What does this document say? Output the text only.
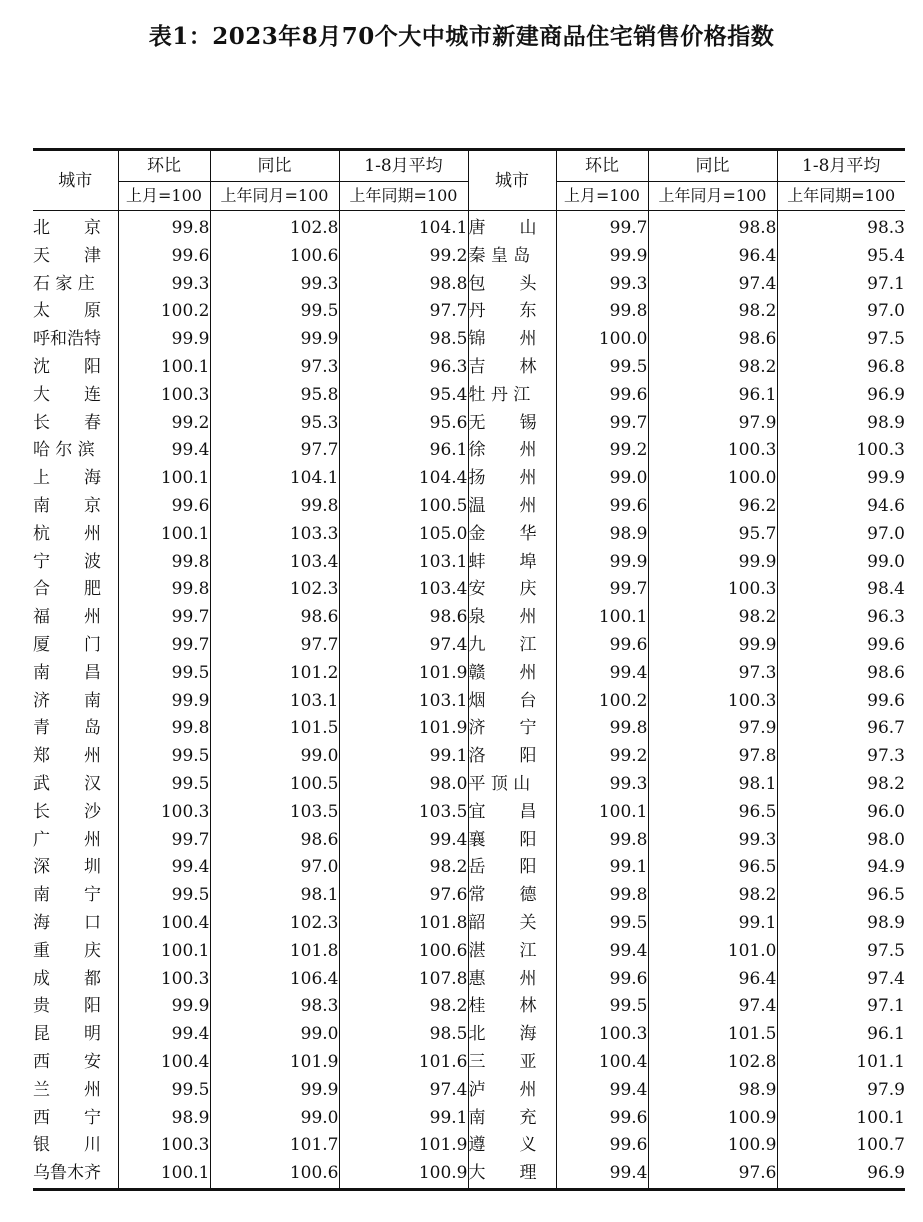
表1：2023年8月70个大中城市新建商品住宅销售价格指数
城市	环比	同比	1-8月平均	城市	环比	同比	1-8月平均
	上月=100	上年同月=100	上年同期=100		上月=100	上年同月=100	上年同期=100
北　　京	99.8	102.8	104.1	唐　　山	99.7	98.8	98.3
天　　津	99.6	100.6	99.2	秦 皇 岛	99.9	96.4	95.4
石 家 庄	99.3	99.3	98.8	包　　头	99.3	97.4	97.1
太　　原	100.2	99.5	97.7	丹　　东	99.8	98.2	97.0
呼和浩特	99.9	99.9	98.5	锦　　州	100.0	98.6	97.5
沈　　阳	100.1	97.3	96.3	吉　　林	99.5	98.2	96.8
大　　连	100.3	95.8	95.4	牡 丹 江	99.6	96.1	96.9
长　　春	99.2	95.3	95.6	无　　锡	99.7	97.9	98.9
哈 尔 滨	99.4	97.7	96.1	徐　　州	99.2	100.3	100.3
上　　海	100.1	104.1	104.4	扬　　州	99.0	100.0	99.9
南　　京	99.6	99.8	100.5	温　　州	99.6	96.2	94.6
杭　　州	100.1	103.3	105.0	金　　华	98.9	95.7	97.0
宁　　波	99.8	103.4	103.1	蚌　　埠	99.9	99.9	99.0
合　　肥	99.8	102.3	103.4	安　　庆	99.7	100.3	98.4
福　　州	99.7	98.6	98.6	泉　　州	100.1	98.2	96.3
厦　　门	99.7	97.7	97.4	九　　江	99.6	99.9	99.6
南　　昌	99.5	101.2	101.9	赣　　州	99.4	97.3	98.6
济　　南	99.9	103.1	103.1	烟　　台	100.2	100.3	99.6
青　　岛	99.8	101.5	101.9	济　　宁	99.8	97.9	96.7
郑　　州	99.5	99.0	99.1	洛　　阳	99.2	97.8	97.3
武　　汉	99.5	100.5	98.0	平 顶 山	99.3	98.1	98.2
长　　沙	100.3	103.5	103.5	宜　　昌	100.1	96.5	96.0
广　　州	99.7	98.6	99.4	襄　　阳	99.8	99.3	98.0
深　　圳	99.4	97.0	98.2	岳　　阳	99.1	96.5	94.9
南　　宁	99.5	98.1	97.6	常　　德	99.8	98.2	96.5
海　　口	100.4	102.3	101.8	韶　　关	99.5	99.1	98.9
重　　庆	100.1	101.8	100.6	湛　　江	99.4	101.0	97.5
成　　都	100.3	106.4	107.8	惠　　州	99.6	96.4	97.4
贵　　阳	99.9	98.3	98.2	桂　　林	99.5	97.4	97.1
昆　　明	99.4	99.0	98.5	北　　海	100.3	101.5	96.1
西　　安	100.4	101.9	101.6	三　　亚	100.4	102.8	101.1
兰　　州	99.5	99.9	97.4	泸　　州	99.4	98.9	97.9
西　　宁	98.9	99.0	99.1	南　　充	99.6	100.9	100.1
银　　川	100.3	101.7	101.9	遵　　义	99.6	100.9	100.7
乌鲁木齐	100.1	100.6	100.9	大　　理	99.4	97.6	96.9
